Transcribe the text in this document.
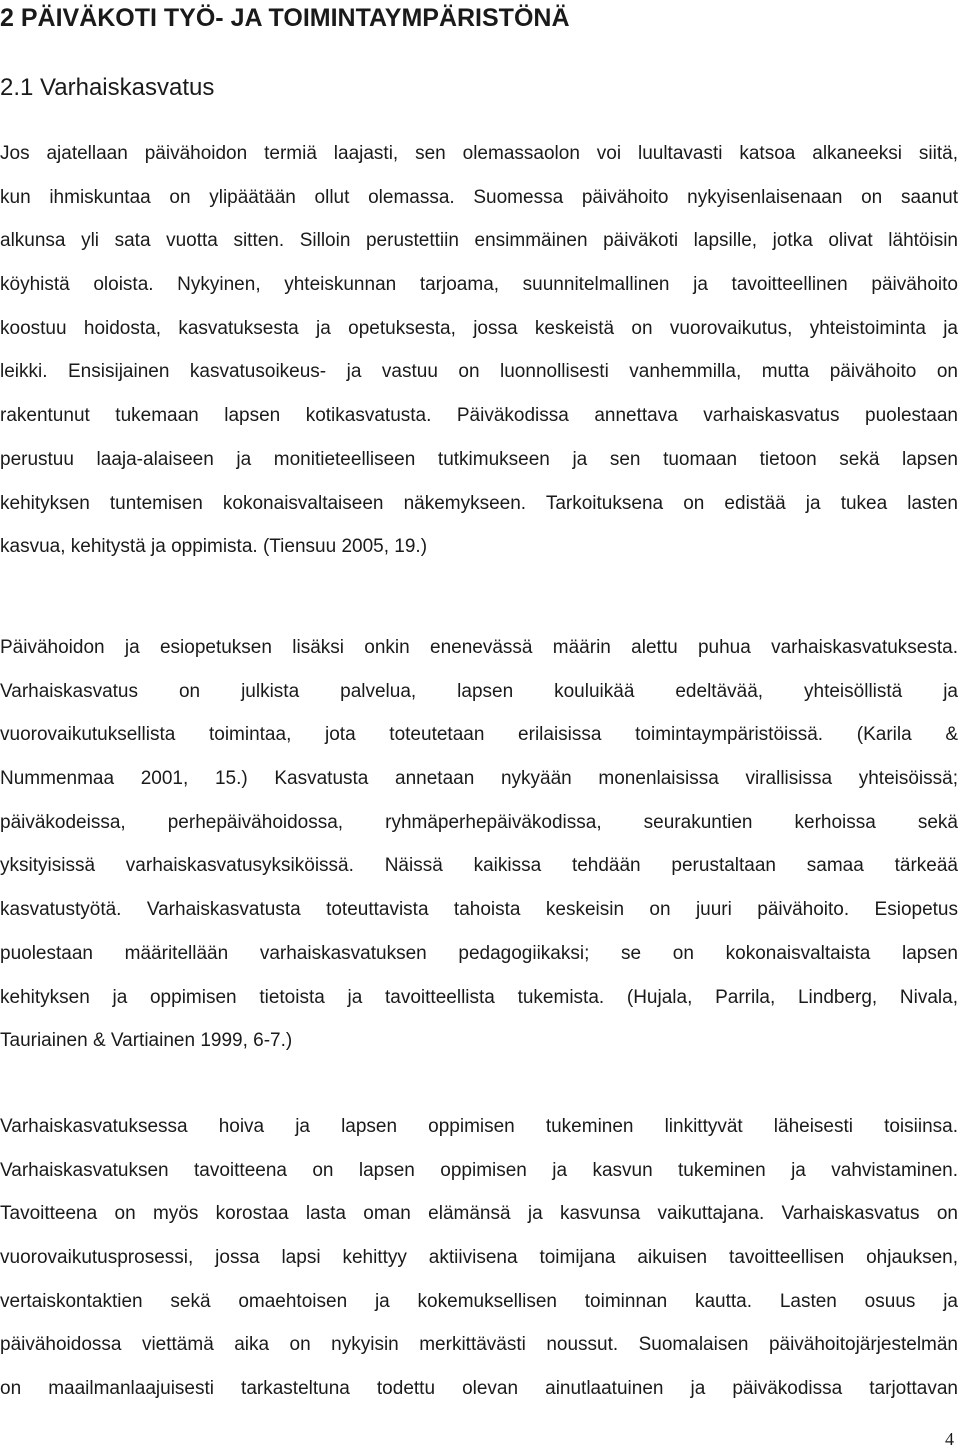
2 PÄIVÄKOTI TYÖ- JA TOIMINTAYMPÄRISTÖNÄ
2.1 Varhaiskasvatus
Jos ajatellaan päivähoidon termiä laajasti, sen olemassaolon voi luultavasti katsoa alkaneeksi siitä,
kun ihmiskuntaa on ylipäätään ollut olemassa. Suomessa päivähoito nykyisenlaisenaan on saanut
alkunsa yli sata vuotta sitten. Silloin perustettiin ensimmäinen päiväkoti lapsille, jotka olivat lähtöisin
köyhistä oloista. Nykyinen, yhteiskunnan tarjoama, suunnitelmallinen ja tavoitteellinen päivähoito
koostuu hoidosta, kasvatuksesta ja opetuksesta, jossa keskeistä on vuorovaikutus, yhteistoiminta ja
leikki. Ensisijainen kasvatusoikeus- ja vastuu on luonnollisesti vanhemmilla, mutta päivähoito on
rakentunut tukemaan lapsen kotikasvatusta. Päiväkodissa annettava varhaiskasvatus puolestaan
perustuu laaja-alaiseen ja monitieteelliseen tutkimukseen ja sen tuomaan tietoon sekä lapsen
kehityksen tuntemisen kokonaisvaltaiseen näkemykseen. Tarkoituksena on edistää ja tukea lasten
kasvua, kehitystä ja oppimista. (Tiensuu 2005, 19.)
Päivähoidon ja esiopetuksen lisäksi onkin enenevässä määrin alettu puhua varhaiskasvatuksesta.
Varhaiskasvatus on julkista palvelua, lapsen kouluikää edeltävää, yhteisöllistä ja
vuorovaikutuksellista toimintaa, jota toteutetaan erilaisissa toimintaympäristöissä. (Karila &
Nummenmaa 2001, 15.) Kasvatusta annetaan nykyään monenlaisissa virallisissa yhteisöissä;
päiväkodeissa, perhepäivähoidossa, ryhmäperhepäiväkodissa, seurakuntien kerhoissa sekä
yksityisissä varhaiskasvatusyksiköissä. Näissä kaikissa tehdään perustaltaan samaa tärkeää
kasvatustyötä. Varhaiskasvatusta toteuttavista tahoista keskeisin on juuri päivähoito. Esiopetus
puolestaan määritellään varhaiskasvatuksen pedagogiikaksi; se on kokonaisvaltaista lapsen
kehityksen ja oppimisen tietoista ja tavoitteellista tukemista. (Hujala, Parrila, Lindberg, Nivala,
Tauriainen & Vartiainen 1999, 6-7.)
Varhaiskasvatuksessa hoiva ja lapsen oppimisen tukeminen linkittyvät läheisesti toisiinsa.
Varhaiskasvatuksen tavoitteena on lapsen oppimisen ja kasvun tukeminen ja vahvistaminen.
Tavoitteena on myös korostaa lasta oman elämänsä ja kasvunsa vaikuttajana. Varhaiskasvatus on
vuorovaikutusprosessi, jossa lapsi kehittyy aktiivisena toimijana aikuisen tavoitteellisen ohjauksen,
vertaiskontaktien sekä omaehtoisen ja kokemuksellisen toiminnan kautta. Lasten osuus ja
päivähoidossa viettämä aika on nykyisin merkittävästi noussut. Suomalaisen päivähoitojärjestelmän
on maailmanlaajuisesti tarkasteltuna todettu olevan ainutlaatuinen ja päiväkodissa tarjottavan
4
